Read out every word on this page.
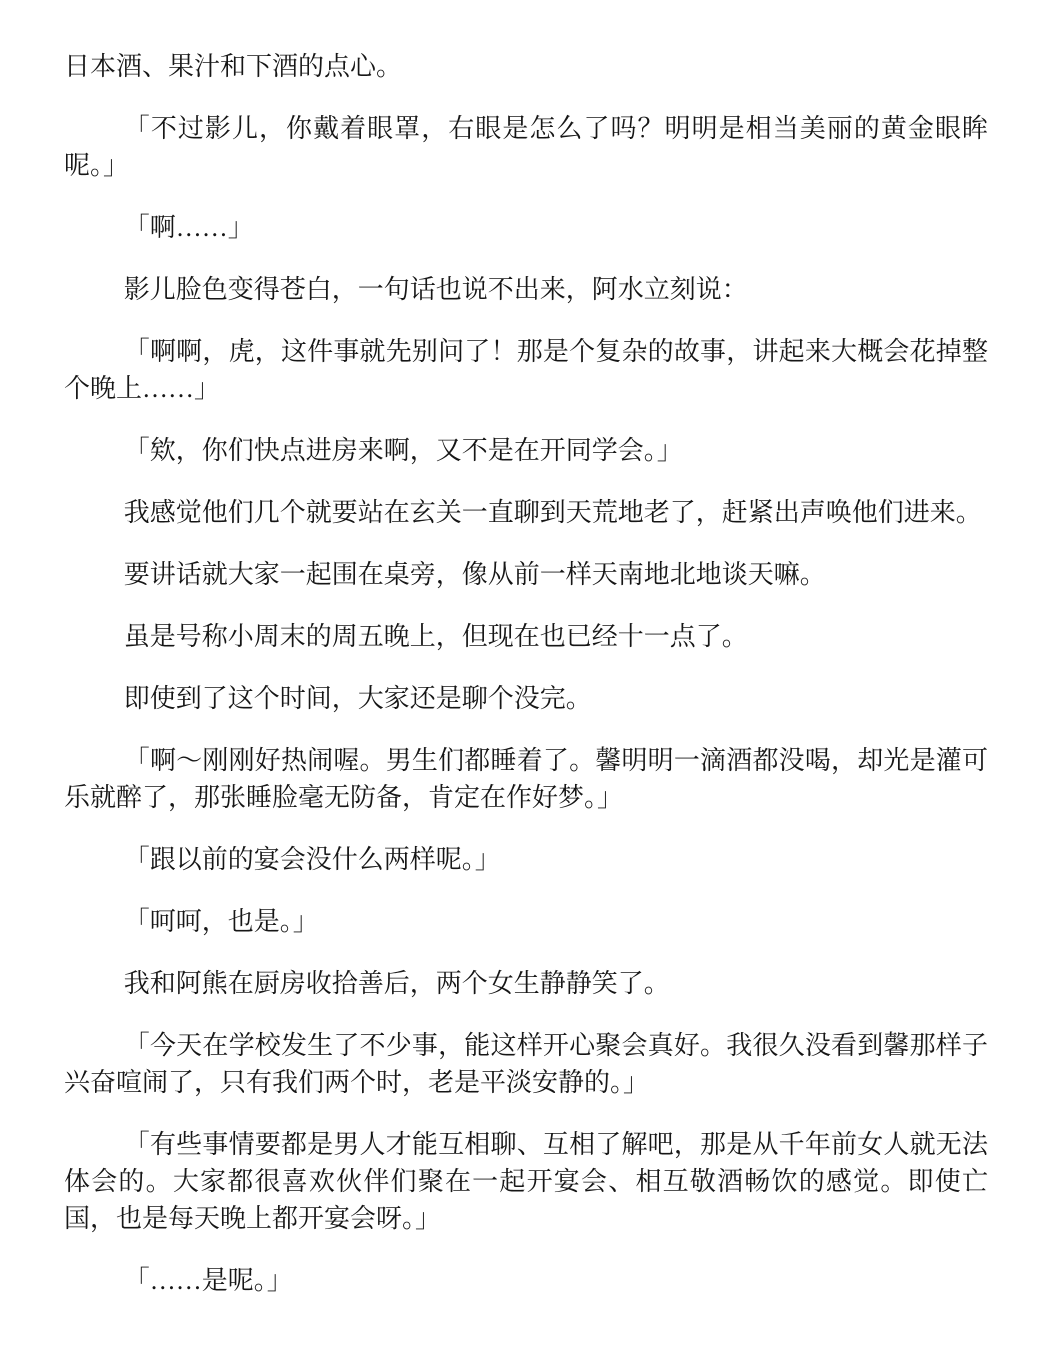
日本酒、果汁和下酒的点心。

「不过影儿，你戴着眼罩，右眼是怎么了吗？明明是相当美丽的黄金眼眸呢。」

「啊……」

影儿脸色变得苍白，一句话也说不出来，阿水立刻说：

「啊啊，虎，这件事就先别问了！那是个复杂的故事，讲起来大概会花掉整个晚上……」

「欸，你们快点进房来啊，又不是在开同学会。」

我感觉他们几个就要站在玄关一直聊到天荒地老了，赶紧出声唤他们进来。

要讲话就大家一起围在桌旁，像从前一样天南地北地谈天嘛。

虽是号称小周末的周五晚上，但现在也已经十一点了。

即使到了这个时间，大家还是聊个没完。

「啊～刚刚好热闹喔。男生们都睡着了。馨明明一滴酒都没喝，却光是灌可乐就醉了，那张睡脸毫无防备，肯定在作好梦。」

「跟以前的宴会没什么两样呢。」

「呵呵，也是。」

我和阿熊在厨房收拾善后，两个女生静静笑了。

「今天在学校发生了不少事，能这样开心聚会真好。我很久没看到馨那样子兴奋喧闹了，只有我们两个时，老是平淡安静的。」

「有些事情要都是男人才能互相聊、互相了解吧，那是从千年前女人就无法体会的。大家都很喜欢伙伴们聚在一起开宴会、相互敬酒畅饮的感觉。即使亡国，也是每天晚上都开宴会呀。」

「……是呢。」
